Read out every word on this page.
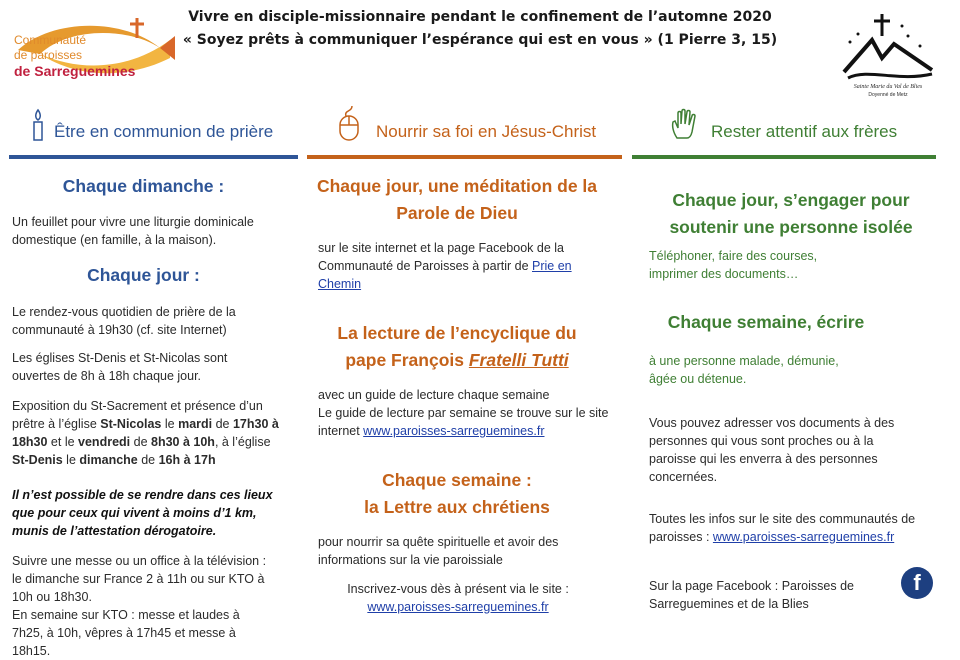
Vivre en disciple-missionnaire pendant le confinement de l’automne 2020
« Soyez prêts à communiquer l’espérance qui est en vous » (1 Pierre 3, 15)
Communauté
de paroisses
de Sarreguemines
Sainte Marie du Val de Blies
Doyenné de Metz
Être en communion de prière
Chaque dimanche :
Un feuillet pour vivre une liturgie dominicale domestique (en famille, à la maison).
Chaque jour :
Le rendez-vous quotidien de prière de la communauté à 19h30 (cf. site Internet)
Les églises St-Denis et St-Nicolas sont ouvertes de 8h à 18h chaque jour.
Exposition du St-Sacrement et présence d’un prêtre à l’église St-Nicolas le mardi de 17h30 à 18h30 et le vendredi de 8h30 à 10h, à l’église St-Denis le dimanche de 16h à 17h
Il n’est possible de se rendre dans ces lieux que pour ceux qui vivent à moins d’1 km, munis de l’attestation dérogatoire.
Suivre une messe ou un office à la télévision : le dimanche sur France 2 à 11h ou sur KTO à 10h ou 18h30.
En semaine sur KTO : messe et laudes à 7h25, à 10h, vêpres à 17h45 et messe à 18h15.
Nourrir sa foi en Jésus-Christ
Chaque jour, une méditation de la Parole de Dieu
sur le site internet et la page Facebook de la Communauté de Paroisses à partir de Prie en Chemin
La lecture de l’encyclique du pape François Fratelli Tutti
avec un guide de lecture chaque semaine
Le guide de lecture par semaine se trouve sur le site internet www.paroisses-sarreguemines.fr
Chaque semaine :
la Lettre aux chrétiens
pour nourrir sa quête spirituelle et avoir des informations sur la vie paroissiale
Inscrivez-vous dès à présent via le site :
www.paroisses-sarreguemines.fr
Rester attentif aux frères
Chaque jour, s’engager pour soutenir une personne isolée
Téléphoner, faire des courses, imprimer des documents…
Chaque semaine, écrire
à une personne malade, démunie, âgée ou détenue.
Vous pouvez adresser vos documents à des personnes qui vous sont proches ou à la paroisse qui les enverra à des personnes concernées.
Toutes les infos sur le site des communautés de paroisses : www.paroisses-sarreguemines.fr
Sur la page Facebook : Paroisses de Sarreguemines et de la Blies
f
